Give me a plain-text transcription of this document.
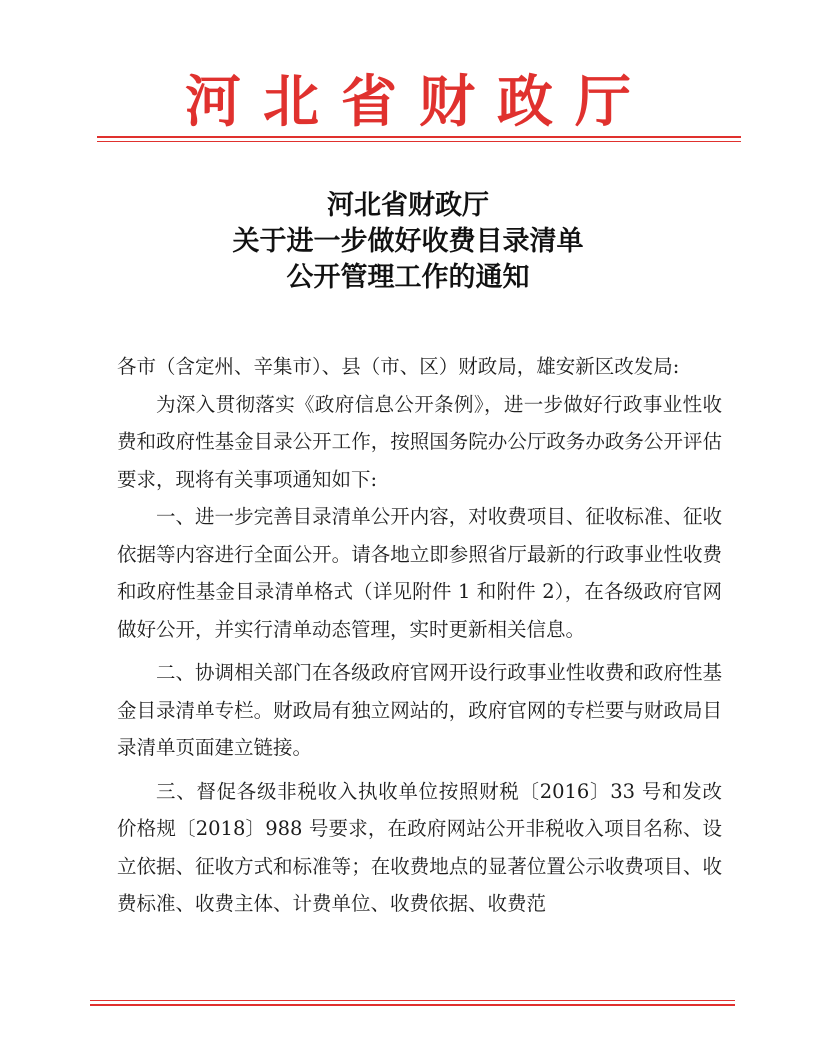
河北省财政厅
河北省财政厅
关于进一步做好收费目录清单
公开管理工作的通知

各市（含定州、辛集市）、县（市、区）财政局，雄安新区改发局:

为深入贯彻落实《政府信息公开条例》，进一步做好行政事业性收费和政府性基金目录公开工作，按照国务院办公厅政务办政务公开评估要求，现将有关事项通知如下:

一、进一步完善目录清单公开内容，对收费项目、征收标准、征收依据等内容进行全面公开。请各地立即参照省厅最新的行政事业性收费和政府性基金目录清单格式（详见附件 1 和附件 2），在各级政府官网做好公开，并实行清单动态管理，实时更新相关信息。

二、协调相关部门在各级政府官网开设行政事业性收费和政府性基金目录清单专栏。财政局有独立网站的，政府官网的专栏要与财政局目录清单页面建立链接。

三、督促各级非税收入执收单位按照财税〔2016〕33 号和发改价格规〔2018〕988 号要求，在政府网站公开非税收入项目名称、设立依据、征收方式和标准等；在收费地点的显著位置公示收费项目、收费标准、收费主体、计费单位、收费依据、收费范
